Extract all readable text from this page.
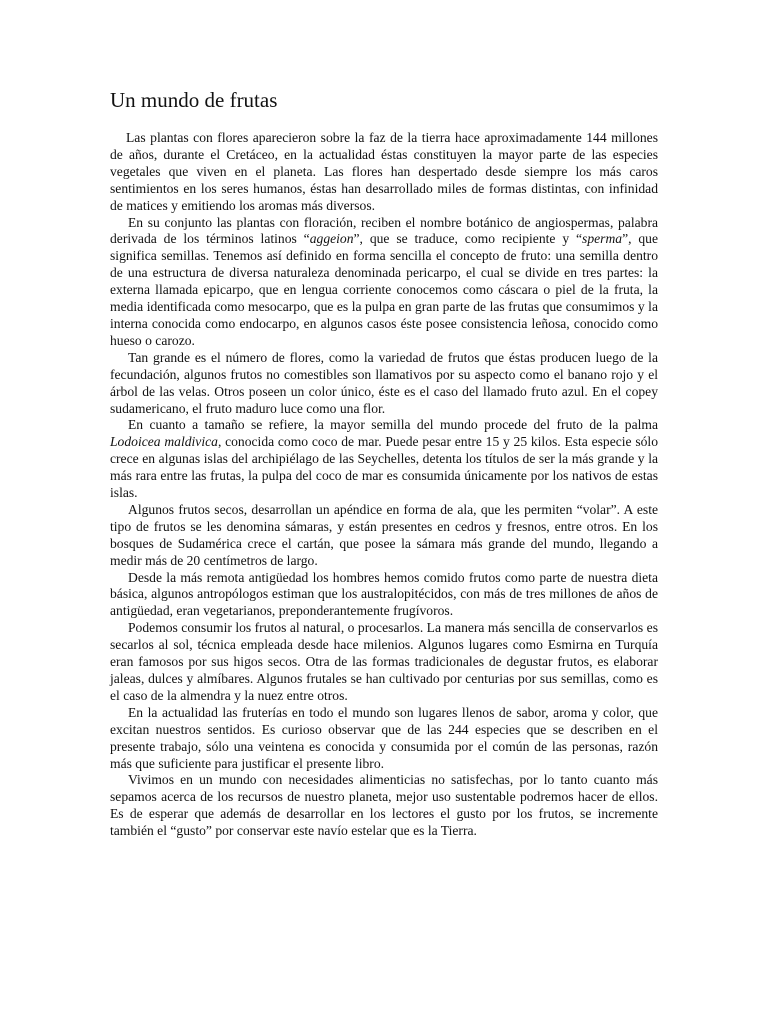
Un mundo de frutas

Las plantas con flores aparecieron sobre la faz de la tierra hace aproximadamente 144 millones de años, durante el Cretáceo, en la actualidad éstas constituyen la mayor parte de las especies vegetales que viven en el planeta. Las flores han despertado desde siempre los más caros sentimientos en los seres humanos, éstas han desarrollado miles de formas distintas, con infinidad de matices y emitiendo los aromas más diversos.

En su conjunto las plantas con floración, reciben el nombre botánico de angiospermas, palabra derivada de los términos latinos “aggeion”, que se traduce, como recipiente y “sperma”, que significa semillas. Tenemos así definido en forma sencilla el concepto de fruto: una semilla dentro de una estructura de diversa naturaleza denominada pericarpo, el cual se divide en tres partes: la externa llamada epicarpo, que en lengua corriente conocemos como cáscara o piel de la fruta, la media identificada como mesocarpo, que es la pulpa en gran parte de las frutas que consumimos y la interna conocida como endocarpo, en algunos casos éste posee consistencia leñosa, conocido como hueso o carozo.

Tan grande es el número de flores, como la variedad de frutos que éstas producen luego de la fecundación, algunos frutos no comestibles son llamativos por su aspecto como el banano rojo y el árbol de las velas. Otros poseen un color único, éste es el caso del llamado fruto azul. En el copey sudamericano, el fruto maduro luce como una flor.

En cuanto a tamaño se refiere, la mayor semilla del mundo procede del fruto de la palma Lodoicea maldivica, conocida como coco de mar. Puede pesar entre 15 y 25 kilos. Esta especie sólo crece en algunas islas del archipiélago de las Seychelles, detenta los títulos de ser la más grande y la más rara entre las frutas, la pulpa del coco de mar es consumida únicamente por los nativos de estas islas.

Algunos frutos secos, desarrollan un apéndice en forma de ala, que les permiten “volar”. A este tipo de frutos se les denomina sámaras, y están presentes en cedros y fresnos, entre otros. En los bosques de Sudamérica crece el cartán, que posee la sámara más grande del mundo, llegando a medir más de 20 centímetros de largo.

Desde la más remota antigüedad los hombres hemos comido frutos como parte de nuestra dieta básica, algunos antropólogos estiman que los australopitécidos, con más de tres millones de años de antigüedad, eran vegetarianos, preponderantemente frugívoros.

Podemos consumir los frutos al natural, o procesarlos. La manera más sencilla de conservarlos es secarlos al sol, técnica empleada desde hace milenios. Algunos lugares como Esmirna en Turquía eran famosos por sus higos secos. Otra de las formas tradicionales de degustar frutos, es elaborar jaleas, dulces y almíbares. Algunos frutales se han cultivado por centurias por sus semillas, como es el caso de la almendra y la nuez entre otros.

En la actualidad las fruterías en todo el mundo son lugares llenos de sabor, aroma y color, que excitan nuestros sentidos. Es curioso observar que de las 244 especies que se describen en el presente trabajo, sólo una veintena es conocida y consumida por el común de las personas, razón más que suficiente para justificar el presente libro.

Vivimos en un mundo con necesidades alimenticias no satisfechas, por lo tanto cuanto más sepamos acerca de los recursos de nuestro planeta, mejor uso sustentable podremos hacer de ellos. Es de esperar que además de desarrollar en los lectores el gusto por los frutos, se incremente también el “gusto” por conservar este navío estelar que es la Tierra.
